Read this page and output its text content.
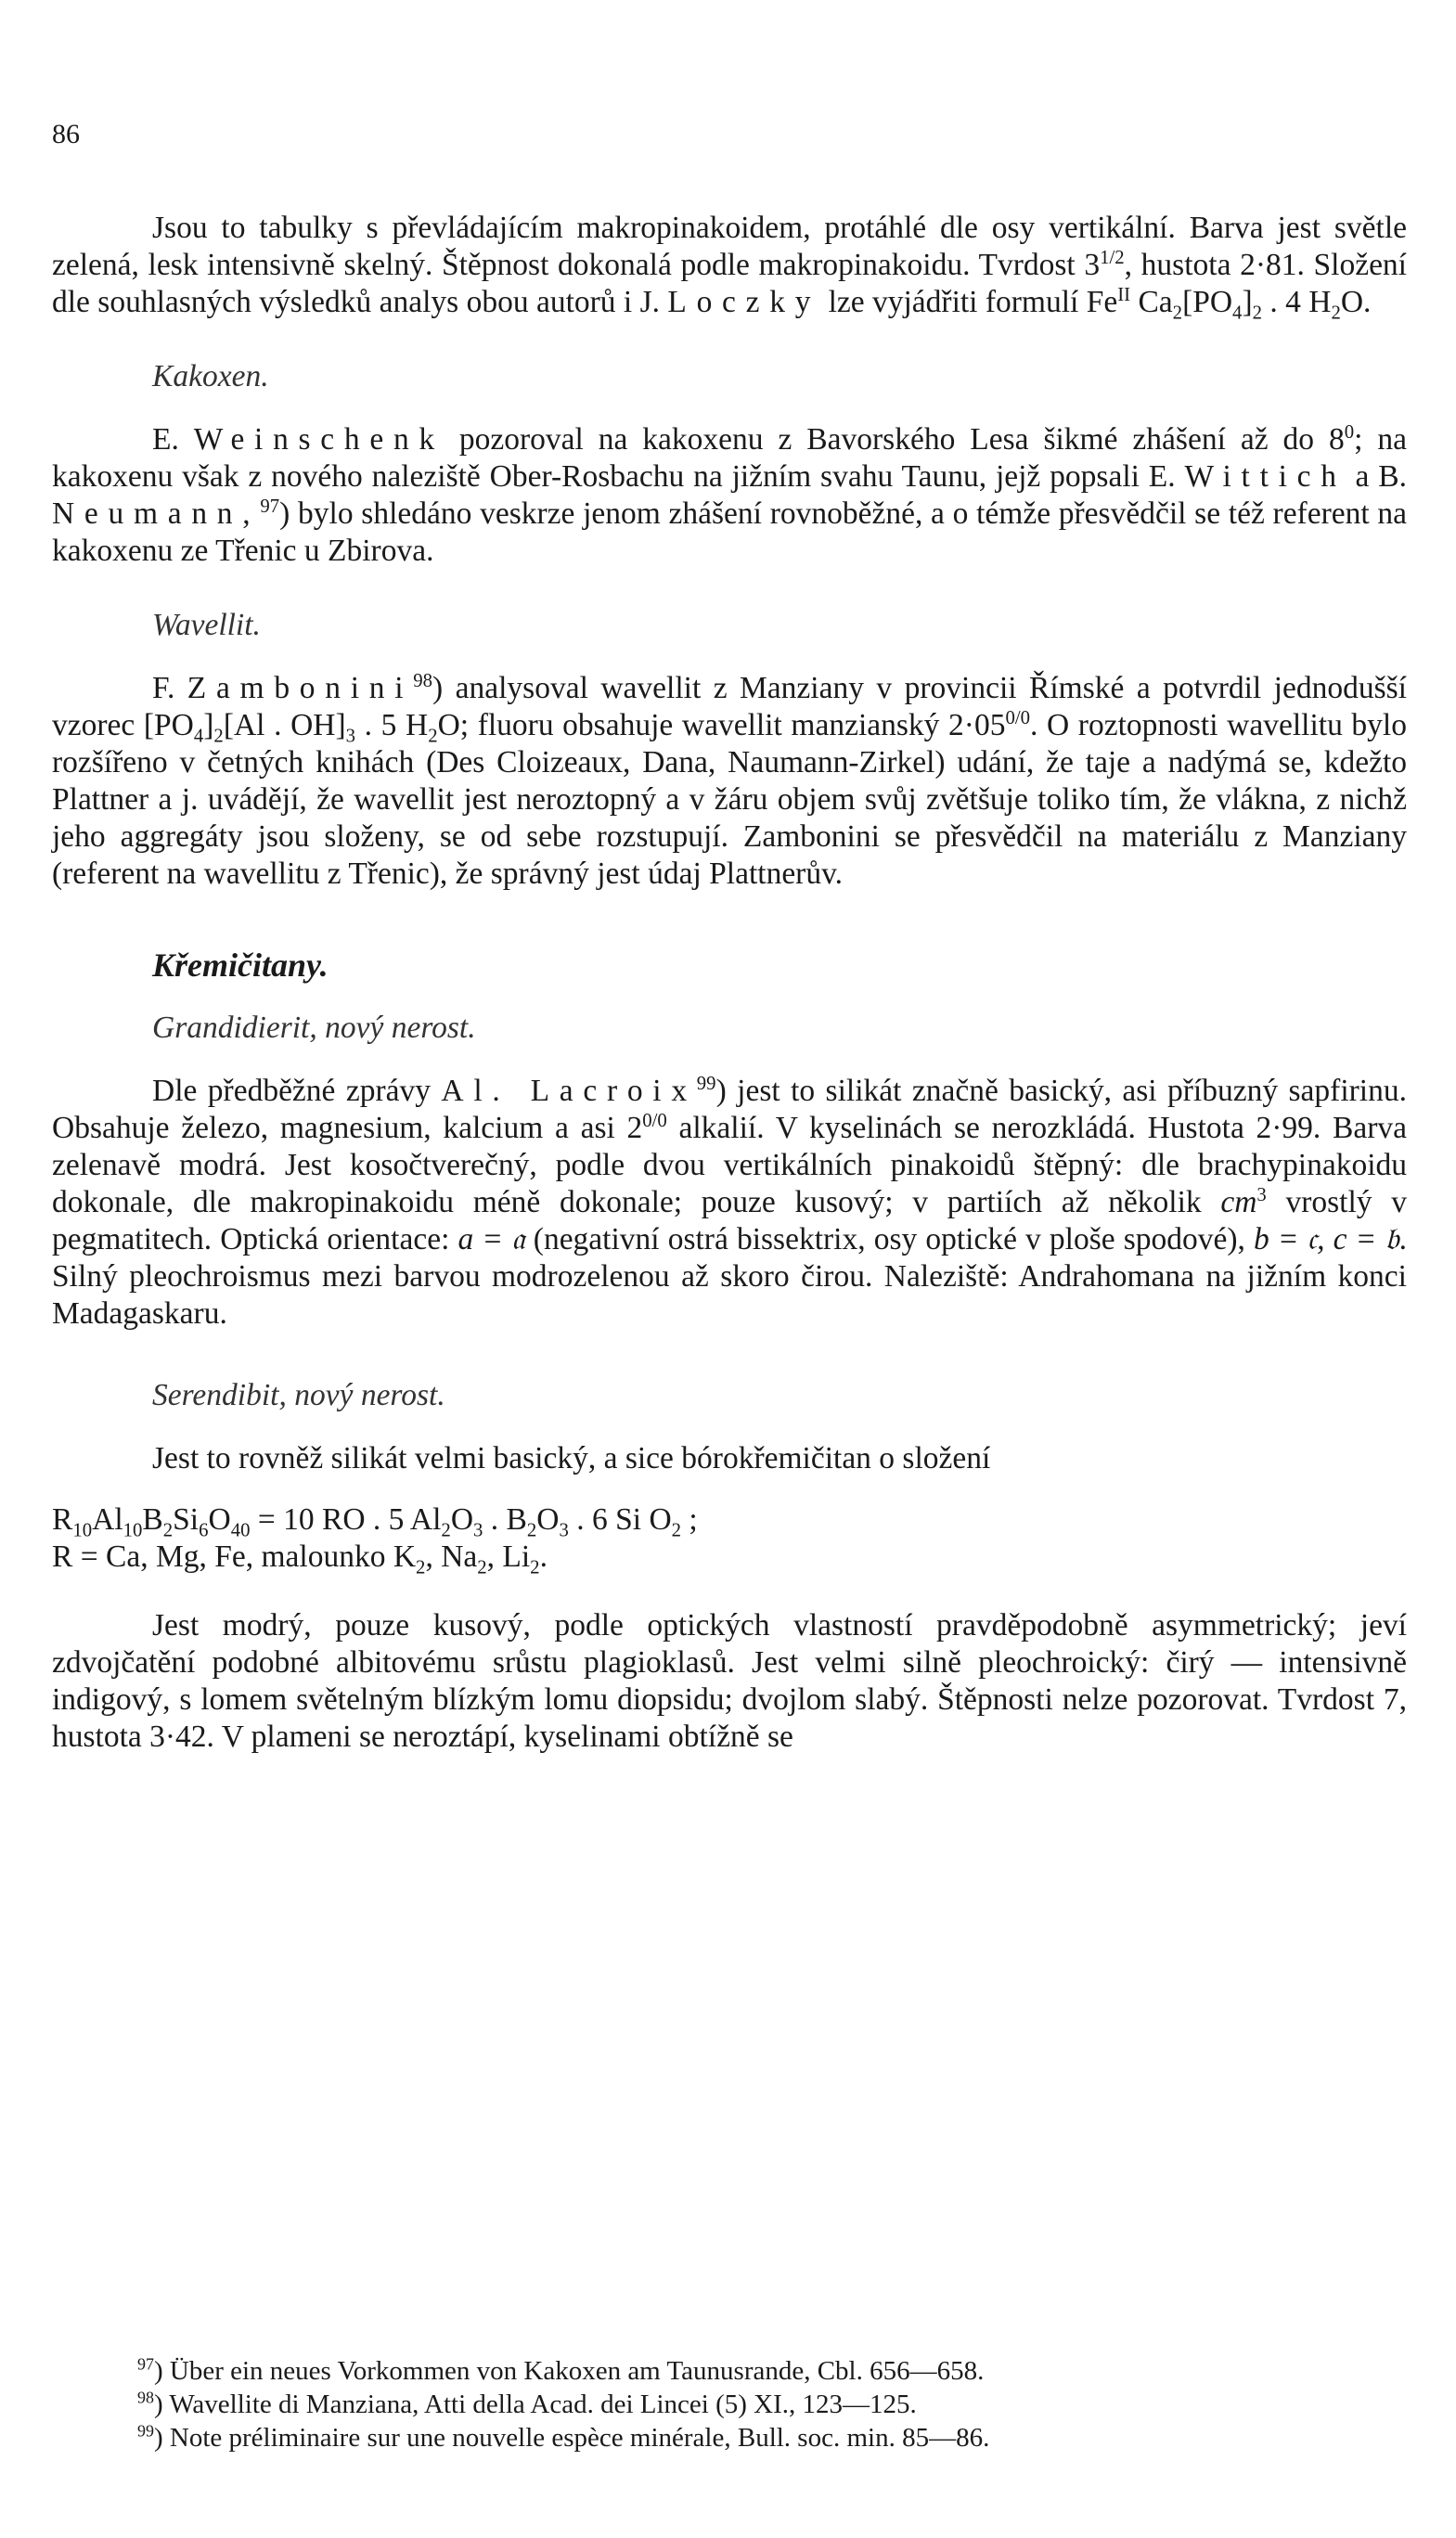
86

Jsou to tabulky s převládajícím makropinakoidem, protáhlé dle osy vertikální. Barva jest světle zelená, lesk intensivně skelný. Štěpnost dokonalá podle makropinakoidu. Tvrdost $3^{1/2}$, hustota 2·81. Složení dle souhlasných výsledků analys obou autorů i J. Loczky lze vyjádřiti formulí $Fe^{II}$ $Ca_2[PO_4]_2$ . 4 $H_2O$.

Kakoxen.

E. Weinschenk pozoroval na kakoxenu z Bavorského Lesa šikmé zhášení až do $8^0$; na kakoxenu však z nového naleziště Ober-Rosbachu na jižním svahu Taunu, jejž popsali E. Wittich a B. Neumann,$^{97}$) bylo shledáno veskrze jenom zhášení rovnoběžné, a o témže přesvědčil se též referent na kakoxenu ze Třenic u Zbirova.

Wavellit.

F. Zambonini$^{98}$) analysoval wavellit z Manziany v provincii Římské a potvrdil jednodušší vzorec $[PO_4]_2[Al$ . $OH]_3$ . 5 $H_2O$; fluoru obsahuje wavellit manzianský $2\cdot 05^{0/0}$. O roztopnosti wavellitu bylo rozšířeno v četných knihách (Des Cloizeaux, Dana, Naumann-Zirkel) udání, že taje a nadýmá se, kdežto Plattner a j. uvádějí, že wavellit jest neroztopný a v žáru objem svůj zvětšuje toliko tím, že vlákna, z nichž jeho aggregáty jsou složeny, se od sebe rozstupují. Zambonini se přesvědčil na materiálu z Manziany (referent na wavellitu z Třenic), že správný jest údaj Plattnerův.

Křemičitany.

Grandidierit, nový nerost.

Dle předběžné zprávy Al. Lacroix$^{99}$) jest to silikát značně basický, asi příbuzný sapfirinu. Obsahuje železo, magnesium, kalcium a asi $2^{0/0}$ alkalií. V kyselinách se nerozkládá. Hustota 2·99. Barva zelenavě modrá. Jest kosočtverečný, podle dvou vertikálních pinakoidů štěpný: dle brachypinakoidu dokonale, dle makropinakoidu méně dokonale; pouze kusový; v partiích až několik $cm^3$ vrostlý v pegmatitech. Optická orientace: a = 𝔞 (negativní ostrá bissektrix, osy optické v ploše spodové), b = 𝔠, c = 𝔟. Silný pleochroismus mezi barvou modrozelenou až skoro čirou. Naleziště: Andrahomana na jižním konci Madagaskaru.

Serendibit, nový nerost.

Jest to rovněž silikát velmi basický, a sice bórokřemičitan o složení

$R_{10}Al_{10}B_2Si_6O_{40} = 10$ RO . 5 $Al_2O_3$ . $B_2O_3$ . 6 Si $O_2$ ;

R = Ca, Mg, Fe, malounko $K_2$, $Na_2$, $Li_2$.

Jest modrý, pouze kusový, podle optických vlastností pravděpodobně asymmetrický; jeví zdvojčatění podobné albitovému srůstu plagioklasů. Jest velmi silně pleochroický: čirý — intensivně indigový, s lomem světelným blízkým lomu diopsidu; dvojlom slabý. Štěpnosti nelze pozorovat. Tvrdost 7, hustota 3·42. V plameni se neroztápí, kyselinami obtížně se

$^{97}$) Über ein neues Vorkommen von Kakoxen am Taunusrande, Cbl. 656—658.
$^{98}$) Wavellite di Manziana, Atti della Acad. dei Lincei (5) XI., 123—125.
$^{99}$) Note préliminaire sur une nouvelle espèce minérale, Bull. soc. min. 85—86.
